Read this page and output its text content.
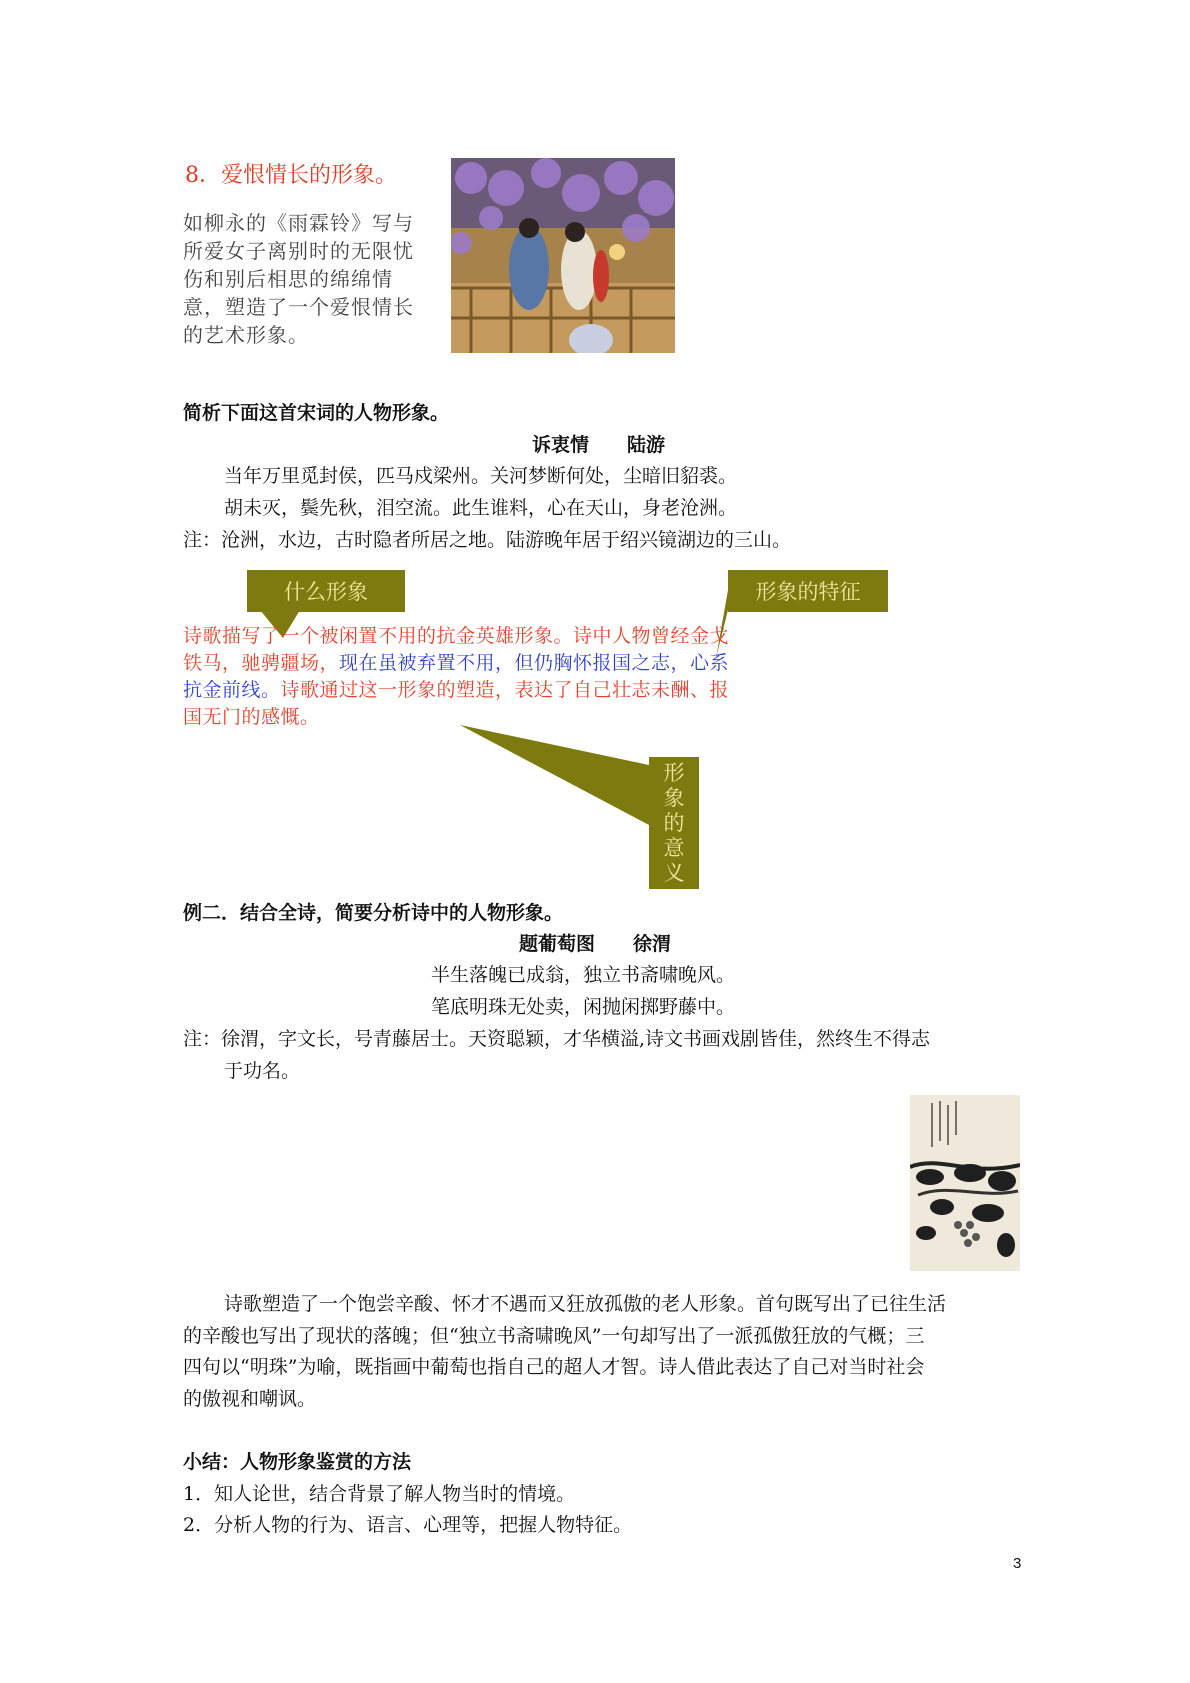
8．爱恨情长的形象。
如柳永的《雨霖铃》写与所爱女子离别时的无限忧伤和别后相思的绵绵情意，塑造了一个爱恨情长的艺术形象。
简析下面这首宋词的人物形象。
诉衷情　　陆游
当年万里觅封侯，匹马戍梁州。关河梦断何处，尘暗旧貂裘。
胡未灭，鬓先秋，泪空流。此生谁料，心在天山，身老沧洲。
注：沧洲，水边，古时隐者所居之地。陆游晚年居于绍兴镜湖边的三山。
什么形象	形象的特征
形
象
的
意
义
诗歌描写了一个被闲置不用的抗金英雄形象。诗中人物曾经金戈铁马，驰骋疆场，现在虽被弃置不用，但仍胸怀报国之志，心系抗金前线。诗歌通过这一形象的塑造，表达了自己壮志未酬、报国无门的感慨。
例二．结合全诗，简要分析诗中的人物形象。
题葡萄图　　徐渭
半生落魄已成翁，独立书斋啸晚风。
笔底明珠无处卖，闲抛闲掷野藤中。
注：徐渭，字文长，号青藤居士。天资聪颖，才华横溢,诗文书画戏剧皆佳，然终生不得志
于功名。
诗歌塑造了一个饱尝辛酸、怀才不遇而又狂放孤傲的老人形象。首句既写出了已往生活
的辛酸也写出了现状的落魄；但“独立书斋啸晚风”一句却写出了一派孤傲狂放的气概；三
四句以“明珠”为喻，既指画中葡萄也指自己的超人才智。诗人借此表达了自己对当时社会
的傲视和嘲讽。
小结：人物形象鉴赏的方法
1．知人论世，结合背景了解人物当时的情境。
2．分析人物的行为、语言、心理等，把握人物特征。
3
